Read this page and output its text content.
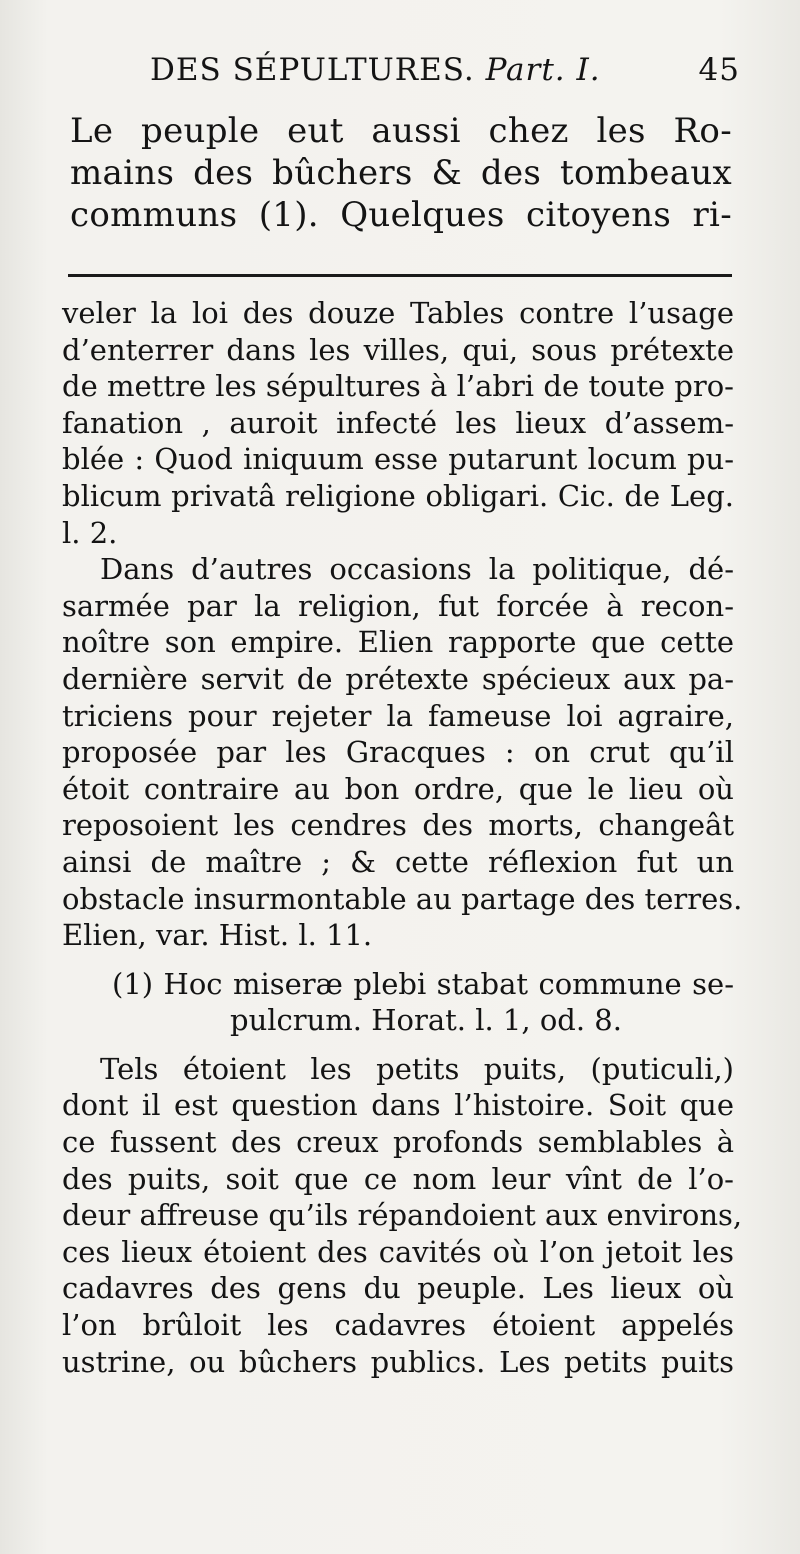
DES SÉPULTURES. Part. I.	45
Le peuple eut aussi chez les Ro-
mains des bûchers & des tombeaux
communs (1). Quelques citoyens ri-
veler la loi des douze Tables contre l’usage
d’enterrer dans les villes, qui, sous prétexte
de mettre les sépultures à l’abri de toute pro-
fanation , auroit infecté les lieux d’assem-
blée : Quod iniquum esse putarunt locum pu-
blicum privatâ religione obligari. Cic. de Leg.
l. 2.
Dans d’autres occasions la politique, dé-
sarmée par la religion, fut forcée à recon-
noître son empire. Elien rapporte que cette
dernière servit de prétexte spécieux aux pa-
triciens pour rejeter la fameuse loi agraire,
proposée par les Gracques : on crut qu’il
étoit contraire au bon ordre, que le lieu où
reposoient les cendres des morts, changeât
ainsi de maître ; & cette réflexion fut un
obstacle insurmontable au partage des terres.
Elien, var. Hist. l. 11.
(1) Hoc miseræ plebi stabat commune se-
pulcrum. Horat. l. 1, od. 8.
Tels étoient les petits puits, (puticuli,)
dont il est question dans l’histoire. Soit que
ce fussent des creux profonds semblables à
des puits, soit que ce nom leur vînt de l’o-
deur affreuse qu’ils répandoient aux environs,
ces lieux étoient des cavités où l’on jetoit les
cadavres des gens du peuple. Les lieux où
l’on brûloit les cadavres étoient appelés
ustrine, ou bûchers publics. Les petits puits
